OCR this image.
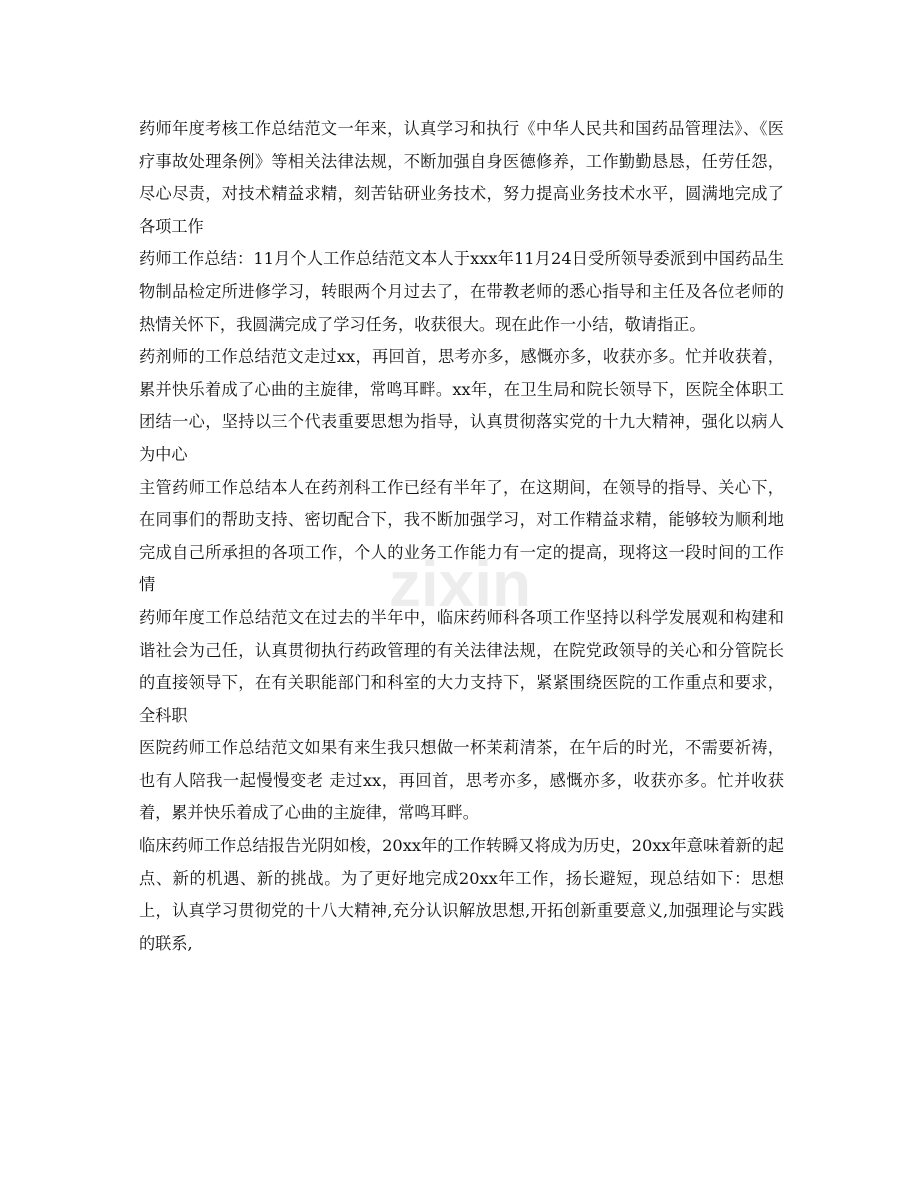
药师年度考核工作总结范文一年来，认真学习和执行《中华人民共和国药品管理法》、《医疗事故处理条例》等相关法律法规，不断加强自身医德修养，工作勤勤恳恳，任劳任怨，尽心尽责，对技术精益求精，刻苦钻研业务技术，努力提高业务技术水平，圆满地完成了各项工作

药师工作总结：11月个人工作总结范文本人于xxx年11月24日受所领导委派到中国药品生物制品检定所进修学习，转眼两个月过去了，在带教老师的悉心指导和主任及各位老师的热情关怀下，我圆满完成了学习任务，收获很大。现在此作一小结，敬请指正。

药剂师的工作总结范文走过xx，再回首，思考亦多，感慨亦多，收获亦多。忙并收获着，累并快乐着成了心曲的主旋律，常鸣耳畔。xx年，在卫生局和院长领导下，医院全体职工团结一心，坚持以三个代表重要思想为指导，认真贯彻落实党的十九大精神，强化以病人为中心

主管药师工作总结本人在药剂科工作已经有半年了，在这期间，在领导的指导、关心下，在同事们的帮助支持、密切配合下，我不断加强学习，对工作精益求精，能够较为顺利地完成自己所承担的各项工作，个人的业务工作能力有一定的提高，现将这一段时间的工作情

药师年度工作总结范文在过去的半年中，临床药师科各项工作坚持以科学发展观和构建和谐社会为己任，认真贯彻执行药政管理的有关法律法规，在院党政领导的关心和分管院长的直接领导下，在有关职能部门和科室的大力支持下，紧紧围绕医院的工作重点和要求，全科职

医院药师工作总结范文如果有来生我只想做一杯茉莉清茶，在午后的时光，不需要祈祷，也有人陪我一起慢慢变老 走过xx，再回首，思考亦多，感慨亦多，收获亦多。忙并收获着，累并快乐着成了心曲的主旋律，常鸣耳畔。

临床药师工作总结报告光阴如梭，20xx年的工作转瞬又将成为历史，20xx年意味着新的起点、新的机遇、新的挑战。为了更好地完成20xx年工作，扬长避短，现总结如下：思想上，认真学习贯彻党的十八大精神,充分认识解放思想,开拓创新重要意义,加强理论与实践的联系,

zixin
